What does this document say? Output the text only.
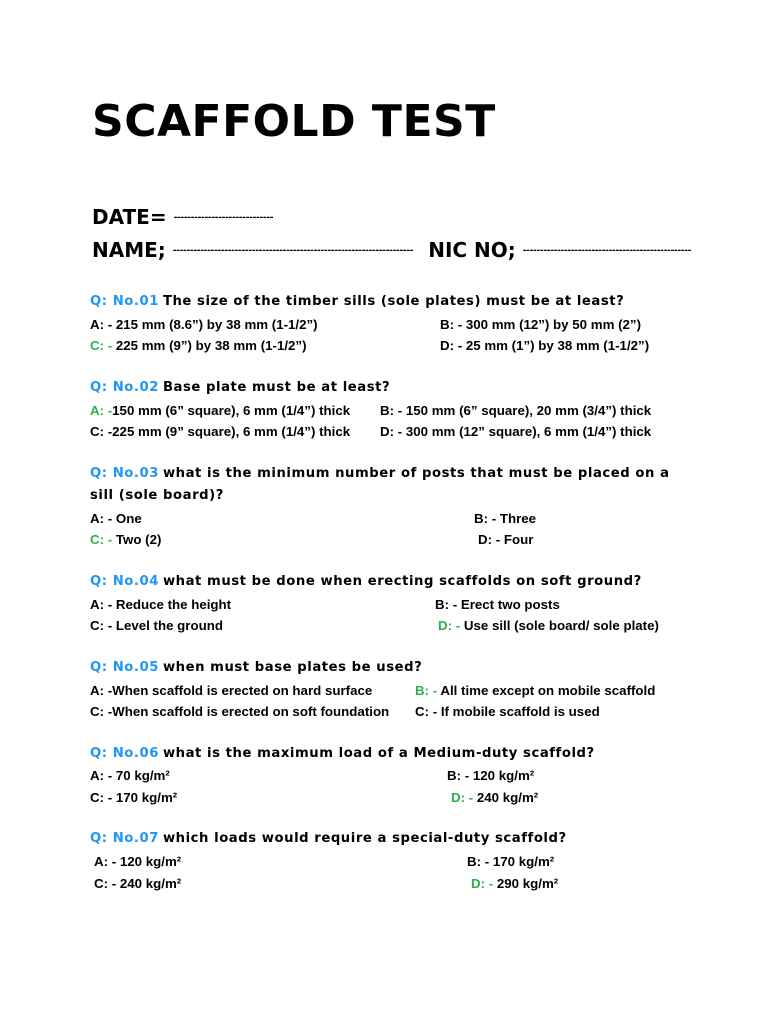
SCAFFOLD TEST
DATE= -----------------------------
NAME; ---------------------------------------------------------------------- NIC NO; -------------------------------------------------
Q: No.01 The size of the timber sills (sole plates) must be at least?
A: - 215 mm (8.6”) by 38 mm (1-1/2”)	B: - 300 mm (12”) by 50 mm (2”)
C: - 225 mm (9”) by 38 mm (1-1/2”)	D: - 25 mm (1”) by 38 mm (1-1/2”)
Q: No.02 Base plate must be at least?
A: -150 mm (6” square), 6 mm (1/4”) thick B: - 150 mm (6” square), 20 mm (3/4”) thick
C: -225 mm (9” square), 6 mm (1/4”) thick D: - 300 mm (12” square), 6 mm (1/4”) thick
Q: No.03 what is the minimum number of posts that must be placed on a sill (sole board)?
A: - One	B: - Three
C: - Two (2)	D: - Four
Q: No.04 what must be done when erecting scaffolds on soft ground?
A: - Reduce the height	B: - Erect two posts
C: - Level the ground	D: - Use sill (sole board/ sole plate)
Q: No.05 when must base plates be used?
A: -When scaffold is erected on hard surface	B: - All time except on mobile scaffold
C: -When scaffold is erected on soft foundation C: - If mobile scaffold is used
Q: No.06 what is the maximum load of a Medium-duty scaffold?
A: - 70 kg/m²	B: - 120 kg/m²
C: - 170 kg/m²	D: - 240 kg/m²
Q: No.07 which loads would require a special-duty scaffold?
A: - 120 kg/m²	B: - 170 kg/m²
C: - 240 kg/m²	D: - 290 kg/m²
